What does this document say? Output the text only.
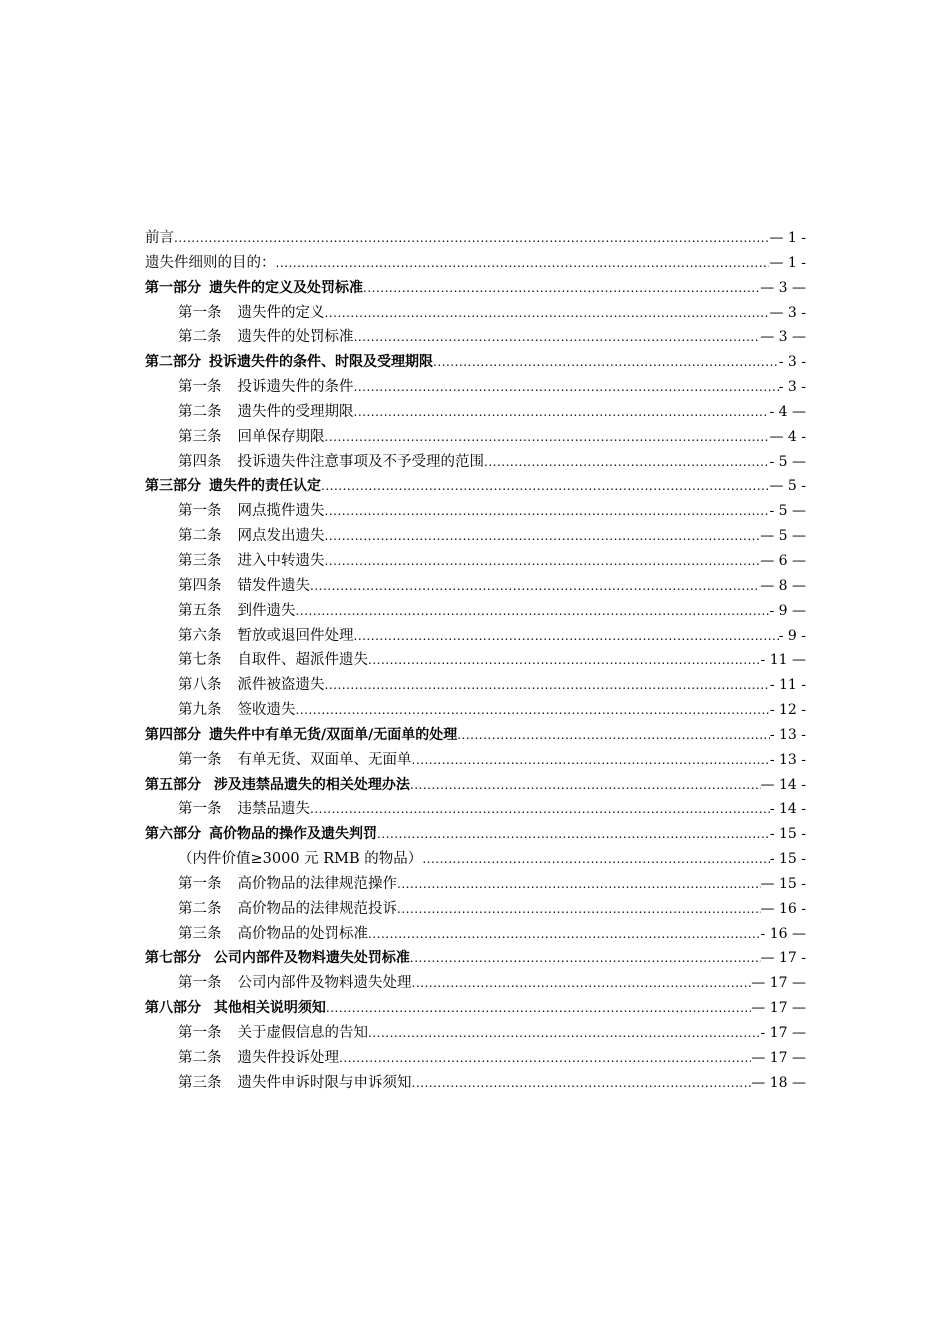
前言 .....	— 1 -
遗失件细则的目的： .....	— 1 -
第一部分 遗失件的定义及处罚标准 .....	— 3 —
第一条 遗失件的定义 .....	— 3 -
第二条 遗失件的处罚标准 .....	— 3 —
第二部分 投诉遗失件的条件、时限及受理期限 .....	- 3 -
第一条 投诉遗失件的条件 .....	- 3 -
第二条 遗失件的受理期限 .....	- 4 —
第三条 回单保存期限 .....	— 4 -
第四条 投诉遗失件注意事项及不予受理的范围 .....	- 5 —
第三部分 遗失件的责任认定 .....	— 5 -
第一条 网点揽件遗失 .....	- 5 —
第二条 网点发出遗失 .....	— 5 —
第三条 进入中转遗失 .....	— 6 —
第四条 错发件遗失 .....	— 8 —
第五条 到件遗失 .....	- 9 —
第六条 暂放或退回件处理 .....	- 9 -
第七条 自取件、超派件遗失 .....	- 11 —
第八条 派件被盗遗失 .....	- 11 -
第九条 签收遗失 .....	- 12 -
第四部分 遗失件中有单无货/双面单/无面单的处理 .....	- 13 -
第一条 有单无货、双面单、无面单 .....	- 13 -
第五部分 涉及违禁品遗失的相关处理办法 .....	— 14 -
第一条 违禁品遗失 .....	- 14 -
第六部分 高价物品的操作及遗失判罚 .....	- 15 -
（内件价值≥3000 元 RMB 的物品） .....	- 15 -
第一条 高价物品的法律规范操作 .....	— 15 -
第二条 高价物品的法律规范投诉 .....	— 16 -
第三条 高价物品的处罚标准 .....	- 16 —
第七部分 公司内部件及物料遗失处罚标准 .....	— 17 -
第一条 公司内部件及物料遗失处理 .....	— 17 —
第八部分 其他相关说明须知 .....	— 17 —
第一条 关于虚假信息的告知 .....	- 17 —
第二条 遗失件投诉处理 .....	— 17 —
第三条 遗失件申诉时限与申诉须知 .....	— 18 —
